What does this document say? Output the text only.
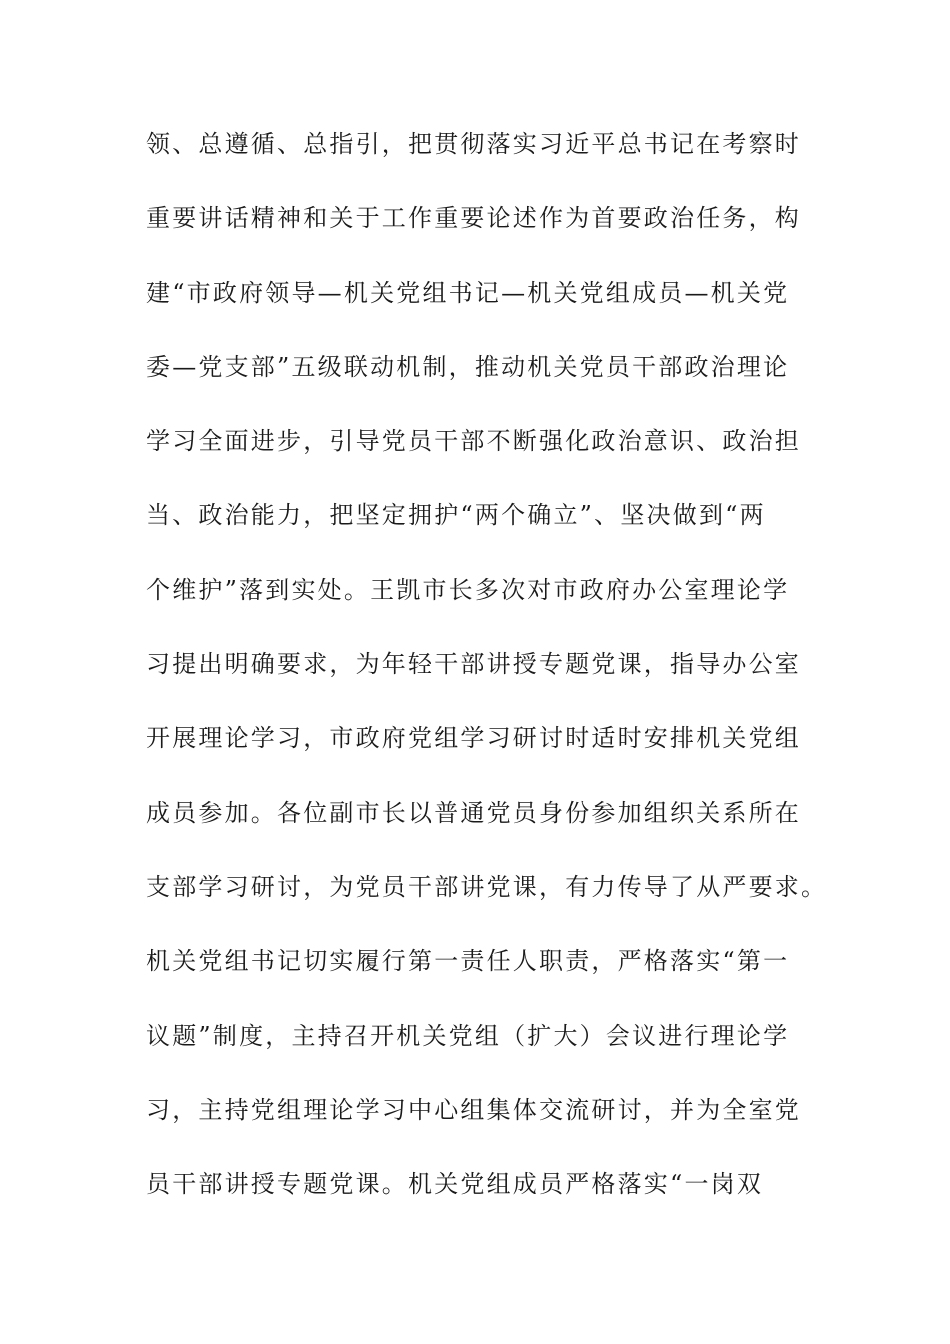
领、总遵循、总指引，把贯彻落实习近平总书记在考察时
重要讲话精神和关于工作重要论述作为首要政治任务，构
建“市政府领导—机关党组书记—机关党组成员—机关党
委—党支部”五级联动机制，推动机关党员干部政治理论
学习全面进步，引导党员干部不断强化政治意识、政治担
当、政治能力，把坚定拥护“两个确立”、坚决做到“两
个维护”落到实处。王凯市长多次对市政府办公室理论学
习提出明确要求，为年轻干部讲授专题党课，指导办公室
开展理论学习，市政府党组学习研讨时适时安排机关党组
成员参加。各位副市长以普通党员身份参加组织关系所在
支部学习研讨，为党员干部讲党课，有力传导了从严要求。
机关党组书记切实履行第一责任人职责，严格落实“第一
议题”制度，主持召开机关党组（扩大）会议进行理论学
习，主持党组理论学习中心组集体交流研讨，并为全室党
员干部讲授专题党课。机关党组成员严格落实“一岗双
